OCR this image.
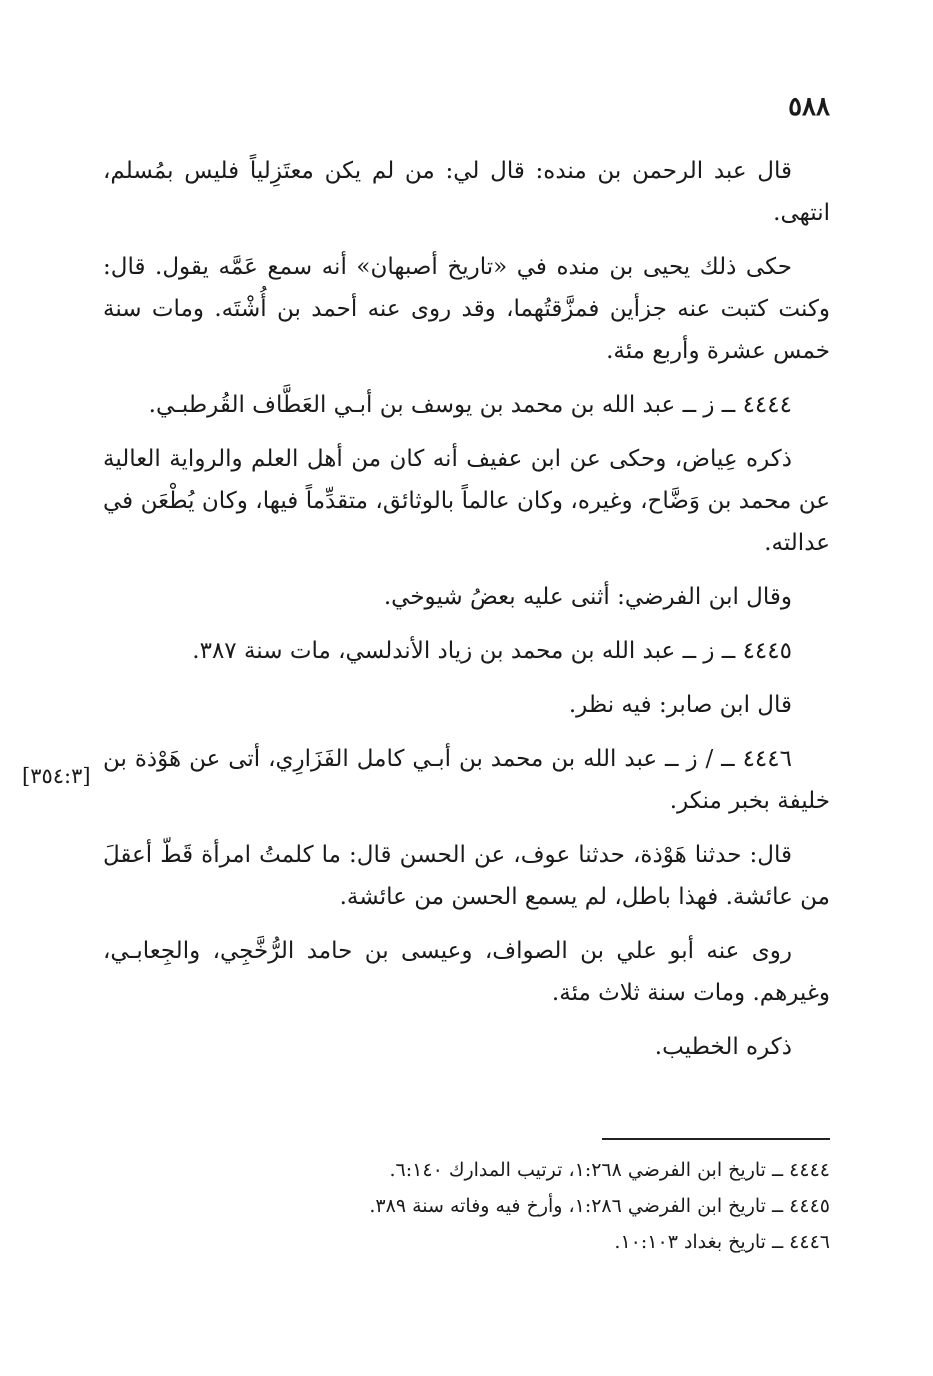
٥٨٨
[٣٥٤:٣]

قال عبد الرحمن بن منده: قال لي: من لم يكن معتَزِلياً فليس بمُسلم، انتهى.

حكى ذلك يحيى بن منده في «تاريخ أصبهان» أنه سمع عَمَّه يقول. قال: وكنت كتبت عنه جزأين فمزَّقتُهما، وقد روى عنه أحمد بن أُشْتَه. ومات سنة خمس عشرة وأربع مئة.

٤٤٤٤ ــ ز ــ عبد الله بن محمد بن يوسف بن أبـي العَطَّاف القُرطبـي.

ذكره عِياض، وحكى عن ابن عفيف أنه كان من أهل العلم والرواية العالية عن محمد بن وَضَّاح، وغيره، وكان عالماً بالوثائق، متقدِّماً فيها، وكان يُطْعَن في عدالته.

وقال ابن الفرضي: أثنى عليه بعضُ شيوخي.

٤٤٤٥ ــ ز ــ عبد الله بن محمد بن زياد الأندلسي، مات سنة ٣٨٧.

قال ابن صابر: فيه نظر.

٤٤٤٦ ــ / ز ــ عبد الله بن محمد بن أبـي كامل الفَزَارِي، أتى عن هَوْذة بن خليفة بخبر منكر.

قال: حدثنا هَوْذة، حدثنا عوف، عن الحسن قال: ما كلمتُ امرأة قَطّ أعقلَ من عائشة. فهذا باطل، لم يسمع الحسن من عائشة.

روى عنه أبو علي بن الصواف، وعيسى بن حامد الرُّخَّجِي، والجِعابـي، وغيرهم. ومات سنة ثلاث مئة.

ذكره الخطيب.

٤٤٤٤ ــ تاريخ ابن الفرضي ١:٢٦٨، ترتيب المدارك ٦:١٤٠.

٤٤٤٥ ــ تاريخ ابن الفرضي ١:٢٨٦، وأرخ فيه وفاته سنة ٣٨٩.

٤٤٤٦ ــ تاريخ بغداد ١٠:١٠٣.
